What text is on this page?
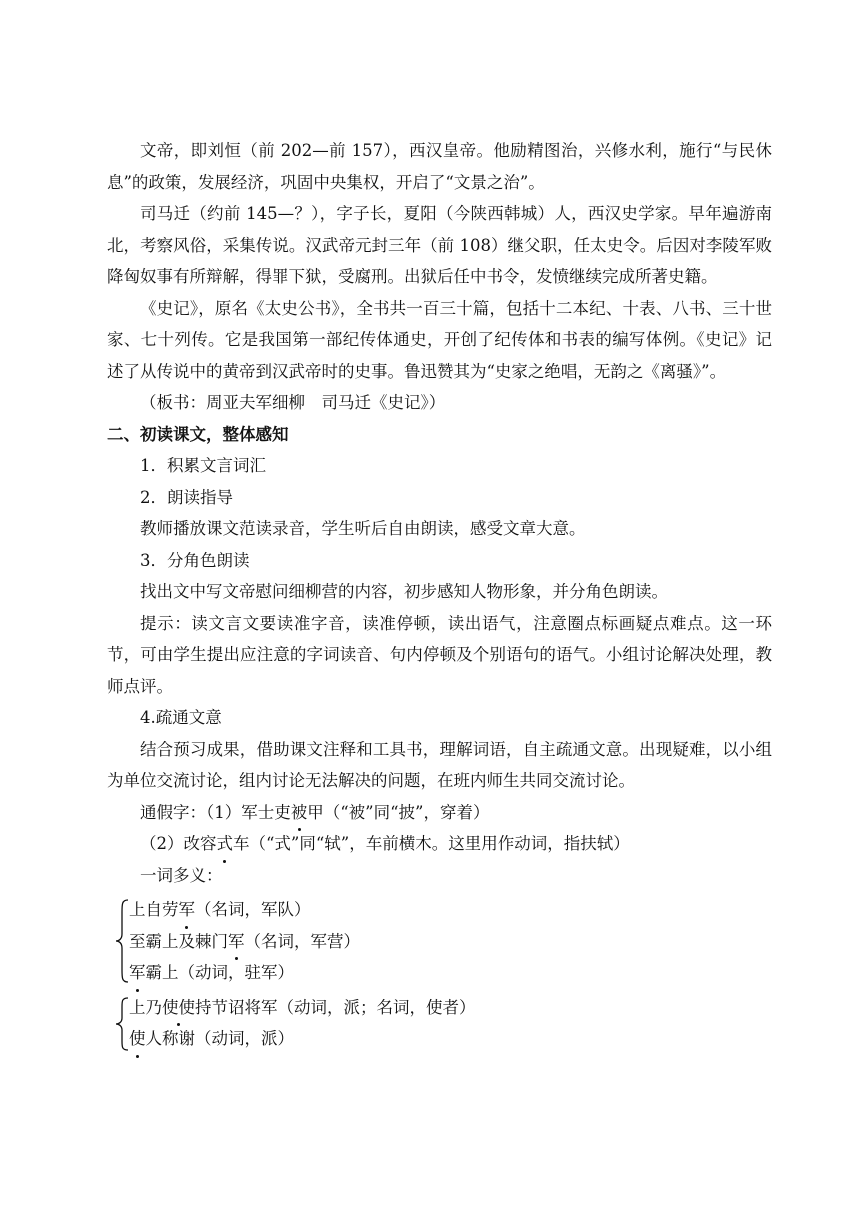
文帝，即刘恒（前 202—前 157），西汉皇帝。他励精图治，兴修水利，施行“与民休息”的政策，发展经济，巩固中央集权，开启了“文景之治”。

司马迁（约前 145—？），字子长，夏阳（今陕西韩城）人，西汉史学家。早年遍游南北，考察风俗，采集传说。汉武帝元封三年（前 108）继父职，任太史令。后因对李陵军败降匈奴事有所辩解，得罪下狱，受腐刑。出狱后任中书令，发愤继续完成所著史籍。

《史记》，原名《太史公书》，全书共一百三十篇，包括十二本纪、十表、八书、三十世家、七十列传。它是我国第一部纪传体通史，开创了纪传体和书表的编写体例。《史记》记述了从传说中的黄帝到汉武帝时的史事。鲁迅赞其为“史家之绝唱，无韵之《离骚》”。

（板书：周亚夫军细柳　司马迁《史记》）

二、初读课文，整体感知

1．积累文言词汇

2．朗读指导

教师播放课文范读录音，学生听后自由朗读，感受文章大意。

3．分角色朗读

找出文中写文帝慰问细柳营的内容，初步感知人物形象，并分角色朗读。

提示：读文言文要读准字音，读准停顿，读出语气，注意圈点标画疑点难点。这一环节，可由学生提出应注意的字词读音、句内停顿及个别语句的语气。小组讨论解决处理，教师点评。

4.疏通文意

结合预习成果，借助课文注释和工具书，理解词语，自主疏通文意。出现疑难，以小组为单位交流讨论，组内讨论无法解决的问题，在班内师生共同交流讨论。

通假字：（1）军士吏被甲（“被”同“披”，穿着）

（2）改容式车（“式”同“轼”，车前横木。这里用作动词，指扶轼）

一词多义：

上自劳军（名词，军队）

至霸上及棘门军（名词，军营）

军霸上（动词，驻军）

上乃使使持节诏将军（动词，派；名词，使者）

使人称谢（动词，派）
